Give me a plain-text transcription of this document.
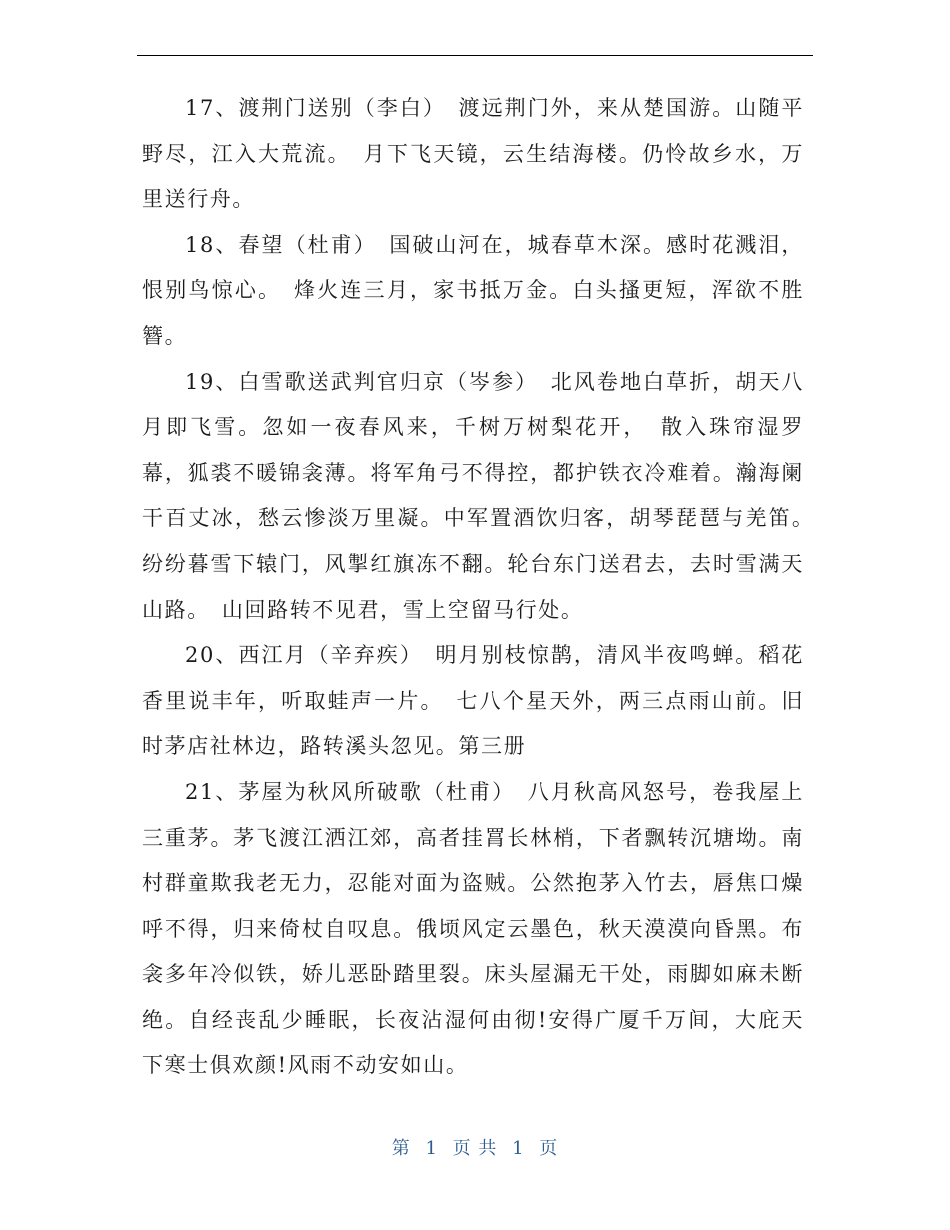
17、渡荆门送别（李白）　渡远荆门外，来从楚国游。山随平野尽，江入大荒流。　月下飞天镜，云生结海楼。仍怜故乡水，万里送行舟。

18、春望（杜甫）　国破山河在，城春草木深。感时花溅泪，恨别鸟惊心。　烽火连三月，家书抵万金。白头搔更短，浑欲不胜簪。

19、白雪歌送武判官归京（岑参）　北风卷地白草折，胡天八月即飞雪。忽如一夜春风来，千树万树梨花开，　散入珠帘湿罗幕，狐裘不暖锦衾薄。将军角弓不得控，都护铁衣冷难着。瀚海阑干百丈冰，愁云惨淡万里凝。中军置酒饮归客，胡琴琵琶与羌笛。　纷纷暮雪下辕门，风掣红旗冻不翻。轮台东门送君去，去时雪满天山路。　山回路转不见君，雪上空留马行处。

20、西江月（辛弃疾）　明月别枝惊鹊，清风半夜鸣蝉。稻花香里说丰年，听取蛙声一片。　七八个星天外，两三点雨山前。旧时茅店社林边，路转溪头忽见。第三册

21、茅屋为秋风所破歌（杜甫）　八月秋高风怒号，卷我屋上三重茅。茅飞渡江洒江郊，高者挂罥长林梢，下者飘转沉塘坳。南村群童欺我老无力，忍能对面为盗贼。公然抱茅入竹去，唇焦口燥呼不得，归来倚杖自叹息。俄顷风定云墨色，秋天漠漠向昏黑。布衾多年冷似铁，娇儿恶卧踏里裂。床头屋漏无干处，雨脚如麻未断绝。自经丧乱少睡眠，长夜沾湿何由彻!安得广厦千万间，大庇天下寒士俱欢颜!风雨不动安如山。

第 1 页 共 1 页
